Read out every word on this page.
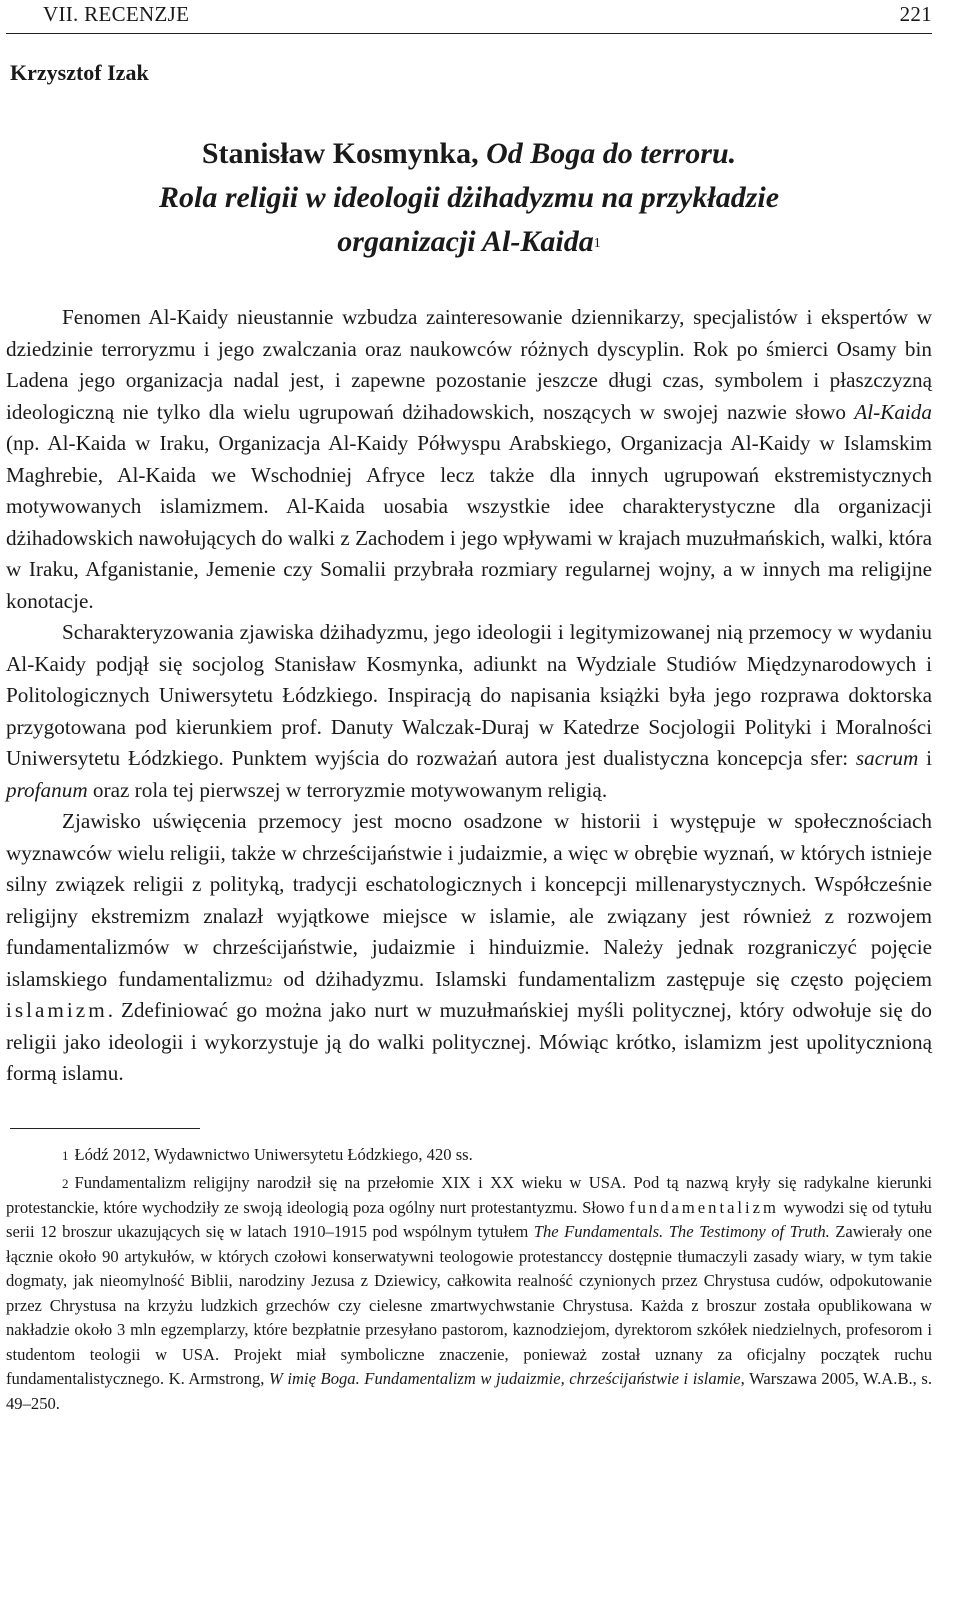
VII. RECENZJE	221
Krzysztof Izak
Stanisław Kosmynka, Od Boga do terroru.
Rola religii w ideologii dżihadyzmu na przykładzie
organizacji Al-Kaida$^1$

Fenomen Al-Kaidy nieustannie wzbudza zainteresowanie dziennikarzy, specjalistów i ekspertów w dziedzinie terroryzmu i jego zwalczania oraz naukowców różnych dyscyplin. Rok po śmierci Osamy bin Ladena jego organizacja nadal jest, i zapewne pozostanie jeszcze długi czas, symbolem i płaszczyzną ideologiczną nie tylko dla wielu ugrupowań dżihadowskich, noszących w swojej nazwie słowo Al-Kaida (np. Al-Kaida w Iraku, Organizacja Al-Kaidy Półwyspu Arabskiego, Organizacja Al-Kaidy w Islamskim Maghrebie, Al-Kaida we Wschodniej Afryce lecz także dla innych ugrupowań ekstremistycznych motywowanych islamizmem. Al-Kaida uosabia wszystkie idee charakterystyczne dla organizacji dżihadowskich nawołujących do walki z Zachodem i jego wpływami w krajach muzułmańskich, walki, która w Iraku, Afganistanie, Jemenie czy Somalii przybrała rozmiary regularnej wojny, a w innych ma religijne konotacje.

Scharakteryzowania zjawiska dżihadyzmu, jego ideologii i legitymizowanej nią przemocy w wydaniu Al-Kaidy podjął się socjolog Stanisław Kosmynka, adiunkt na Wydziale Studiów Międzynarodowych i Politologicznych Uniwersytetu Łódzkiego. Inspiracją do napisania książki była jego rozprawa doktorska przygotowana pod kierunkiem prof. Danuty Walczak-Duraj w Katedrze Socjologii Polityki i Moralności Uniwersytetu Łódzkiego. Punktem wyjścia do rozważań autora jest dualistyczna koncepcja sfer: sacrum i profanum oraz rola tej pierwszej w terroryzmie motywowanym religią.

Zjawisko uświęcenia przemocy jest mocno osadzone w historii i występuje w społecznościach wyznawców wielu religii, także w chrześcijaństwie i judaizmie, a więc w obrębie wyznań, w których istnieje silny związek religii z polityką, tradycji eschatologicznych i koncepcji millenarystycznych. Współcześnie religijny ekstremizm znalazł wyjątkowe miejsce w islamie, ale związany jest również z rozwojem fundamentalizmów w chrześcijaństwie, judaizmie i hinduizmie. Należy jednak rozgraniczyć pojęcie islamskiego fundamentalizmu$^2$ od dżihadyzmu. Islamski fundamentalizm zastępuje się często pojęciem islamizm. Zdefiniować go można jako nurt w muzułmańskiej myśli politycznej, który odwołuje się do religii jako ideologii i wykorzystuje ją do walki politycznej. Mówiąc krótko, islamizm jest upolitycznioną formą islamu.

$^1$ Łódź 2012, Wydawnictwo Uniwersytetu Łódzkiego, 420 ss.

$^2$ Fundamentalizm religijny narodził się na przełomie XIX i XX wieku w USA. Pod tą nazwą kryły się radykalne kierunki protestanckie, które wychodziły ze swoją ideologią poza ogólny nurt protestantyzmu. Słowo fundamentalizm wywodzi się od tytułu serii 12 broszur ukazujących się w latach 1910–1915 pod wspólnym tytułem The Fundamentals. The Testimony of Truth. Zawierały one łącznie około 90 artykułów, w których czołowi konserwatywni teologowie protestanccy dostępnie tłumaczyli zasady wiary, w tym takie dogmaty, jak nieomylność Biblii, narodziny Jezusa z Dziewicy, całkowita realność czynionych przez Chrystusa cudów, odpokutowanie przez Chrystusa na krzyżu ludzkich grzechów czy cielesne zmartwychwstanie Chrystusa. Każda z broszur została opublikowana w nakładzie około 3 mln egzemplarzy, które bezpłatnie przesyłano pastorom, kaznodziejom, dyrektorom szkółek niedzielnych, profesorom i studentom teologii w USA. Projekt miał symboliczne znaczenie, ponieważ został uznany za oficjalny początek ruchu fundamentalistycznego. K. Armstrong, W imię Boga. Fundamentalizm w judaizmie, chrześcijaństwie i islamie, Warszawa 2005, W.A.B., s. 49–250.
